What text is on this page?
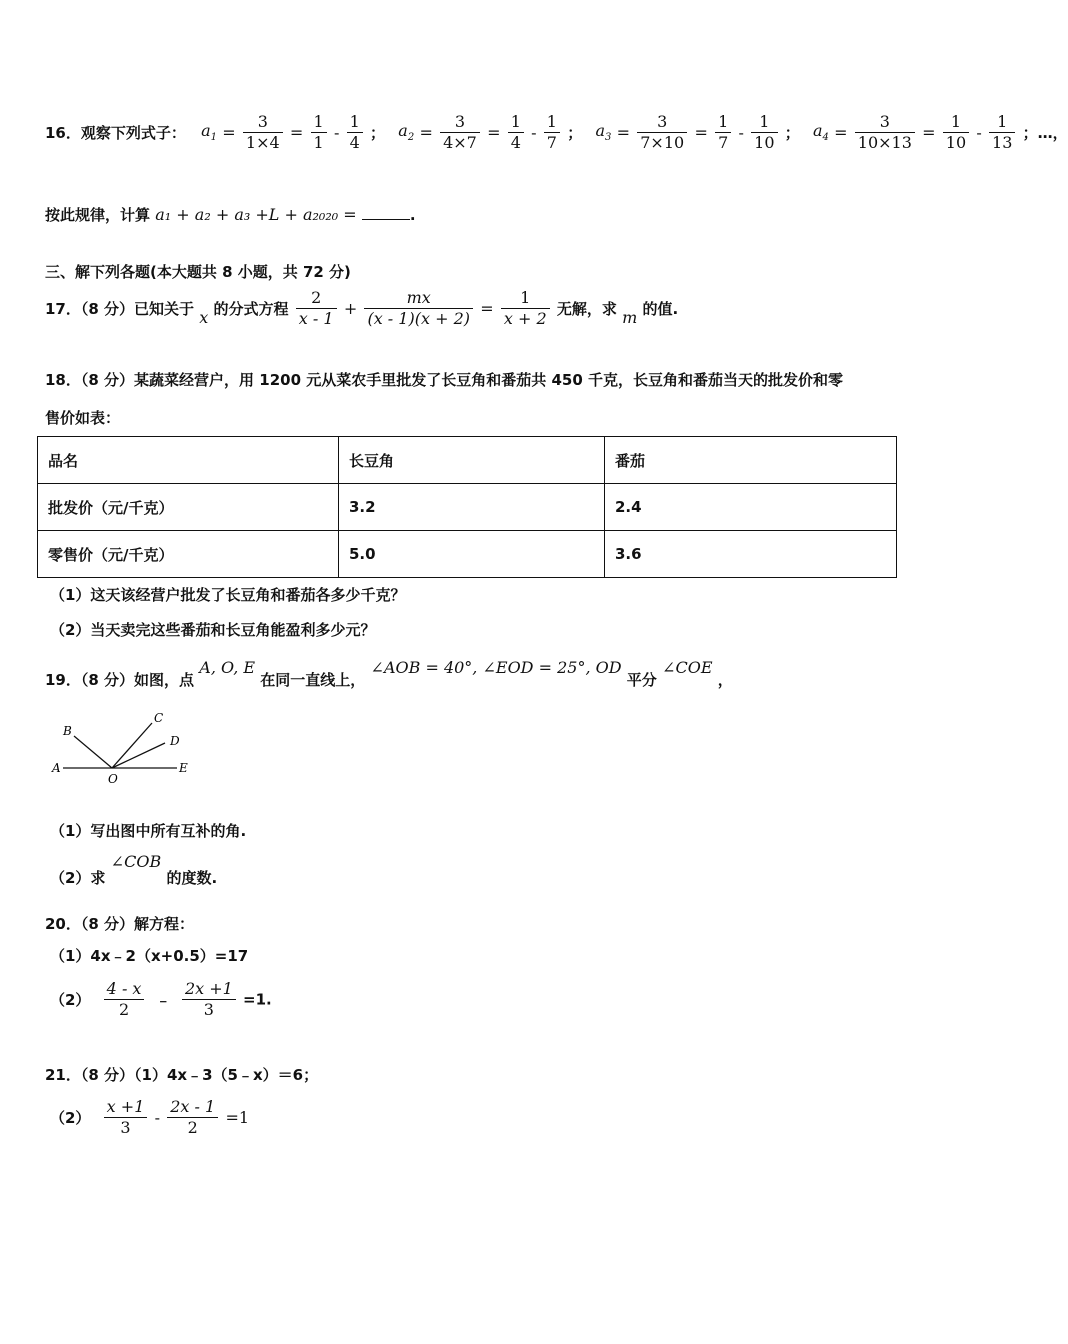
16．观察下列式子： $a_1 = \frac{3}{1\times 4} = \frac{1}{1} - \frac{1}{4}$ ； $a_2 = \frac{3}{4\times 7} = \frac{1}{4} - \frac{1}{7}$ ； $a_3 = \frac{3}{7\times 10} = \frac{1}{7} - \frac{1}{10}$ ； $a_4 = \frac{3}{10\times 13} = \frac{1}{10} - \frac{1}{13}$ ；…，
按此规律，计算 a₁ + a₂ + a₃ +L + a₂₀₂₀ =	.
三、解下列各题(本大题共 8 小题，共 72 分)
17．（8 分）已知关于 x 的分式方程 $\frac{2}{x - 1} + \frac{mx}{(x - 1)(x + 2)} = \frac{1}{x + 2}$ 无解，求 m 的值.
18．（8 分）某蔬菜经营户，用 1200 元从菜农手里批发了长豆角和番茄共 450 千克，长豆角和番茄当天的批发价和零
售价如表：
品名	长豆角	番茄
批发价（元/千克）	3.2	2.4
零售价（元/千克）	5.0	3.6
（1）这天该经营户批发了长豆角和番茄各多少千克？
（2）当天卖完这些番茄和长豆角能盈利多少元？
19．（8 分）如图，点 A, O, E 在同一直线上， ∠AOB = 40°, ∠EOD = 25°, OD 平分 ∠COE ，
A
B
C
D
E
O
（1）写出图中所有互补的角.
（2）求 ∠COB 的度数.
20．（8 分）解方程：
（1）4x﹣2（x+0.5）=17
$(2) \frac{4 - x}{2}$ ﹣ $\frac{2x +1}{3} =1$.
21．（8 分）（1）4x﹣3（5﹣x）＝6；
$(2) \frac{x +1}{3} - \frac{2x - 1}{2} =1$
